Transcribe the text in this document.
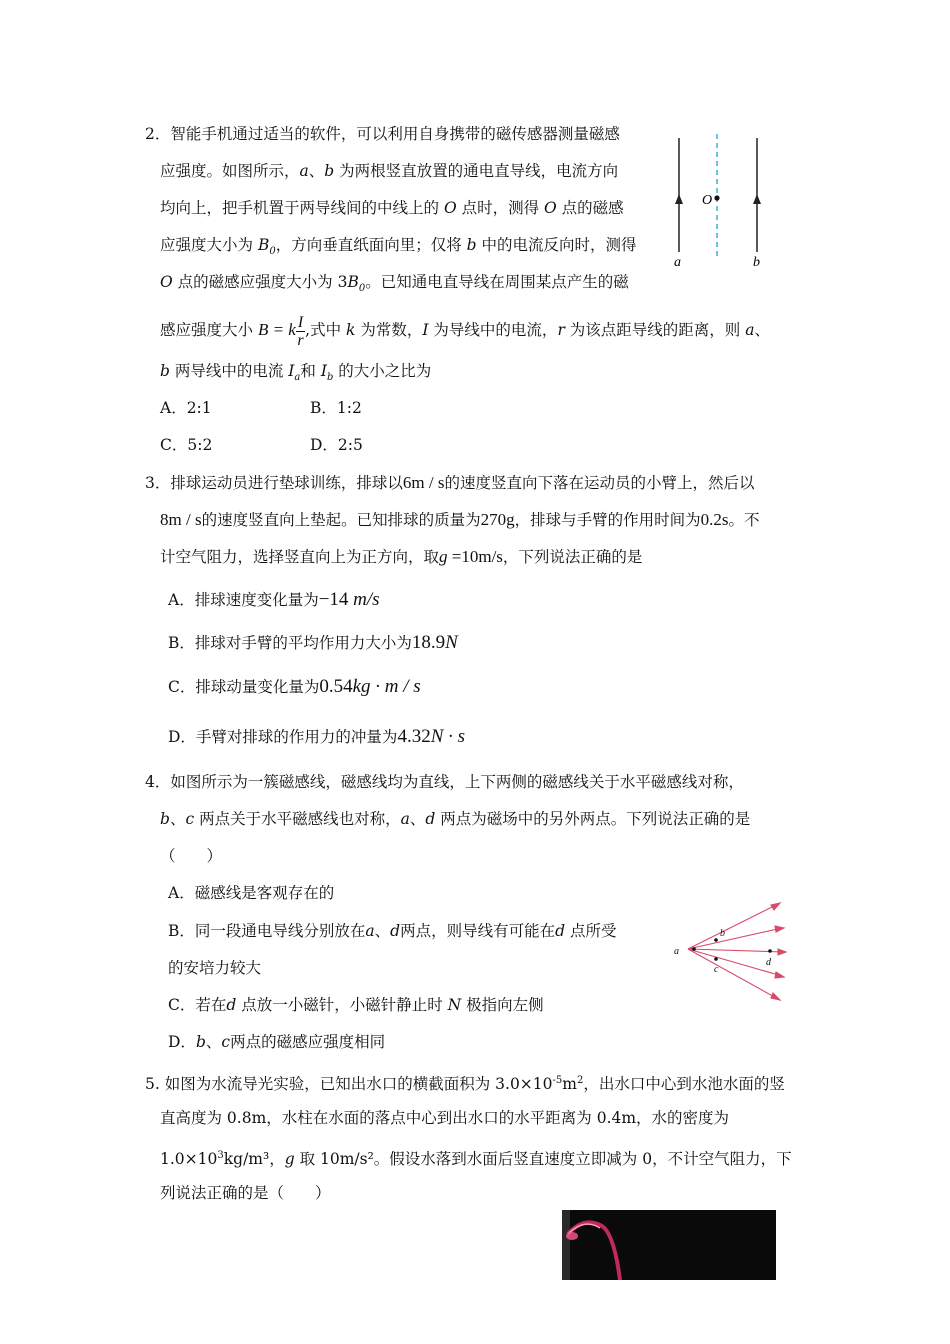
2．智能手机通过适当的软件，可以利用自身携带的磁传感器测量磁感
应强度。如图所示，a、b 为两根竖直放置的通电直导线，电流方向
均向上，把手机置于两导线间的中线上的 O 点时，测得 O 点的磁感
应强度大小为 $B_0$，方向垂直纸面向里；仅将 b 中的电流反向时，测得
O 点的磁感应强度大小为 $3B_0$。已知通电直导线在周围某点产生的磁
感应强度大小 B = k $\frac{I}{r}$ ,式中 k 为常数，I 为导线中的电流，r 为该点距导线的距离，则 a、
b 两导线中的电流 $I_a$和 $I_b$ 的大小之比为
A．2:1	B．1:2
C．5:2	D．2:5
O
a	b
3．排球运动员进行垫球训练，排球以6m / s的速度竖直向下落在运动员的小臂上，然后以
8m / s的速度竖直向上垫起。已知排球的质量为270g，排球与手臂的作用时间为0.2s。不
计空气阻力，选择竖直向上为正方向，取g =10m/s，下列说法正确的是
A．排球速度变化量为−14 m/s
B．排球对手臂的平均作用力大小为18.9N
C．排球动量变化量为0.54kg · m / s
D．手臂对排球的作用力的冲量为4.32N · s
4．如图所示为一簇磁感线，磁感线均为直线，上下两侧的磁感线关于水平磁感线对称，
b、c 两点关于水平磁感线也对称，a、d 两点为磁场中的另外两点。下列说法正确的是
（　　）
A．磁感线是客观存在的
B．同一段通电导线分别放在a、d两点，则导线有可能在d 点所受
的安培力较大
C．若在d 点放一小磁针，小磁针静止时 N 极指向左侧
D．b、c两点的磁感应强度相同
a
b
c
d
5. 如图为水流导光实验，已知出水口的横截面积为 $3.0\times 10^{-5}m^2$，出水口中心到水池水面的竖
直高度为 0.8m，水柱在水面的落点中心到出水口的水平距离为 0.4m，水的密度为
$1.0\times 10^3kg/m^3$，g 取 10m/s²。假设水落到水面后竖直速度立即减为 0，不计空气阻力，下
列说法正确的是（　　）
